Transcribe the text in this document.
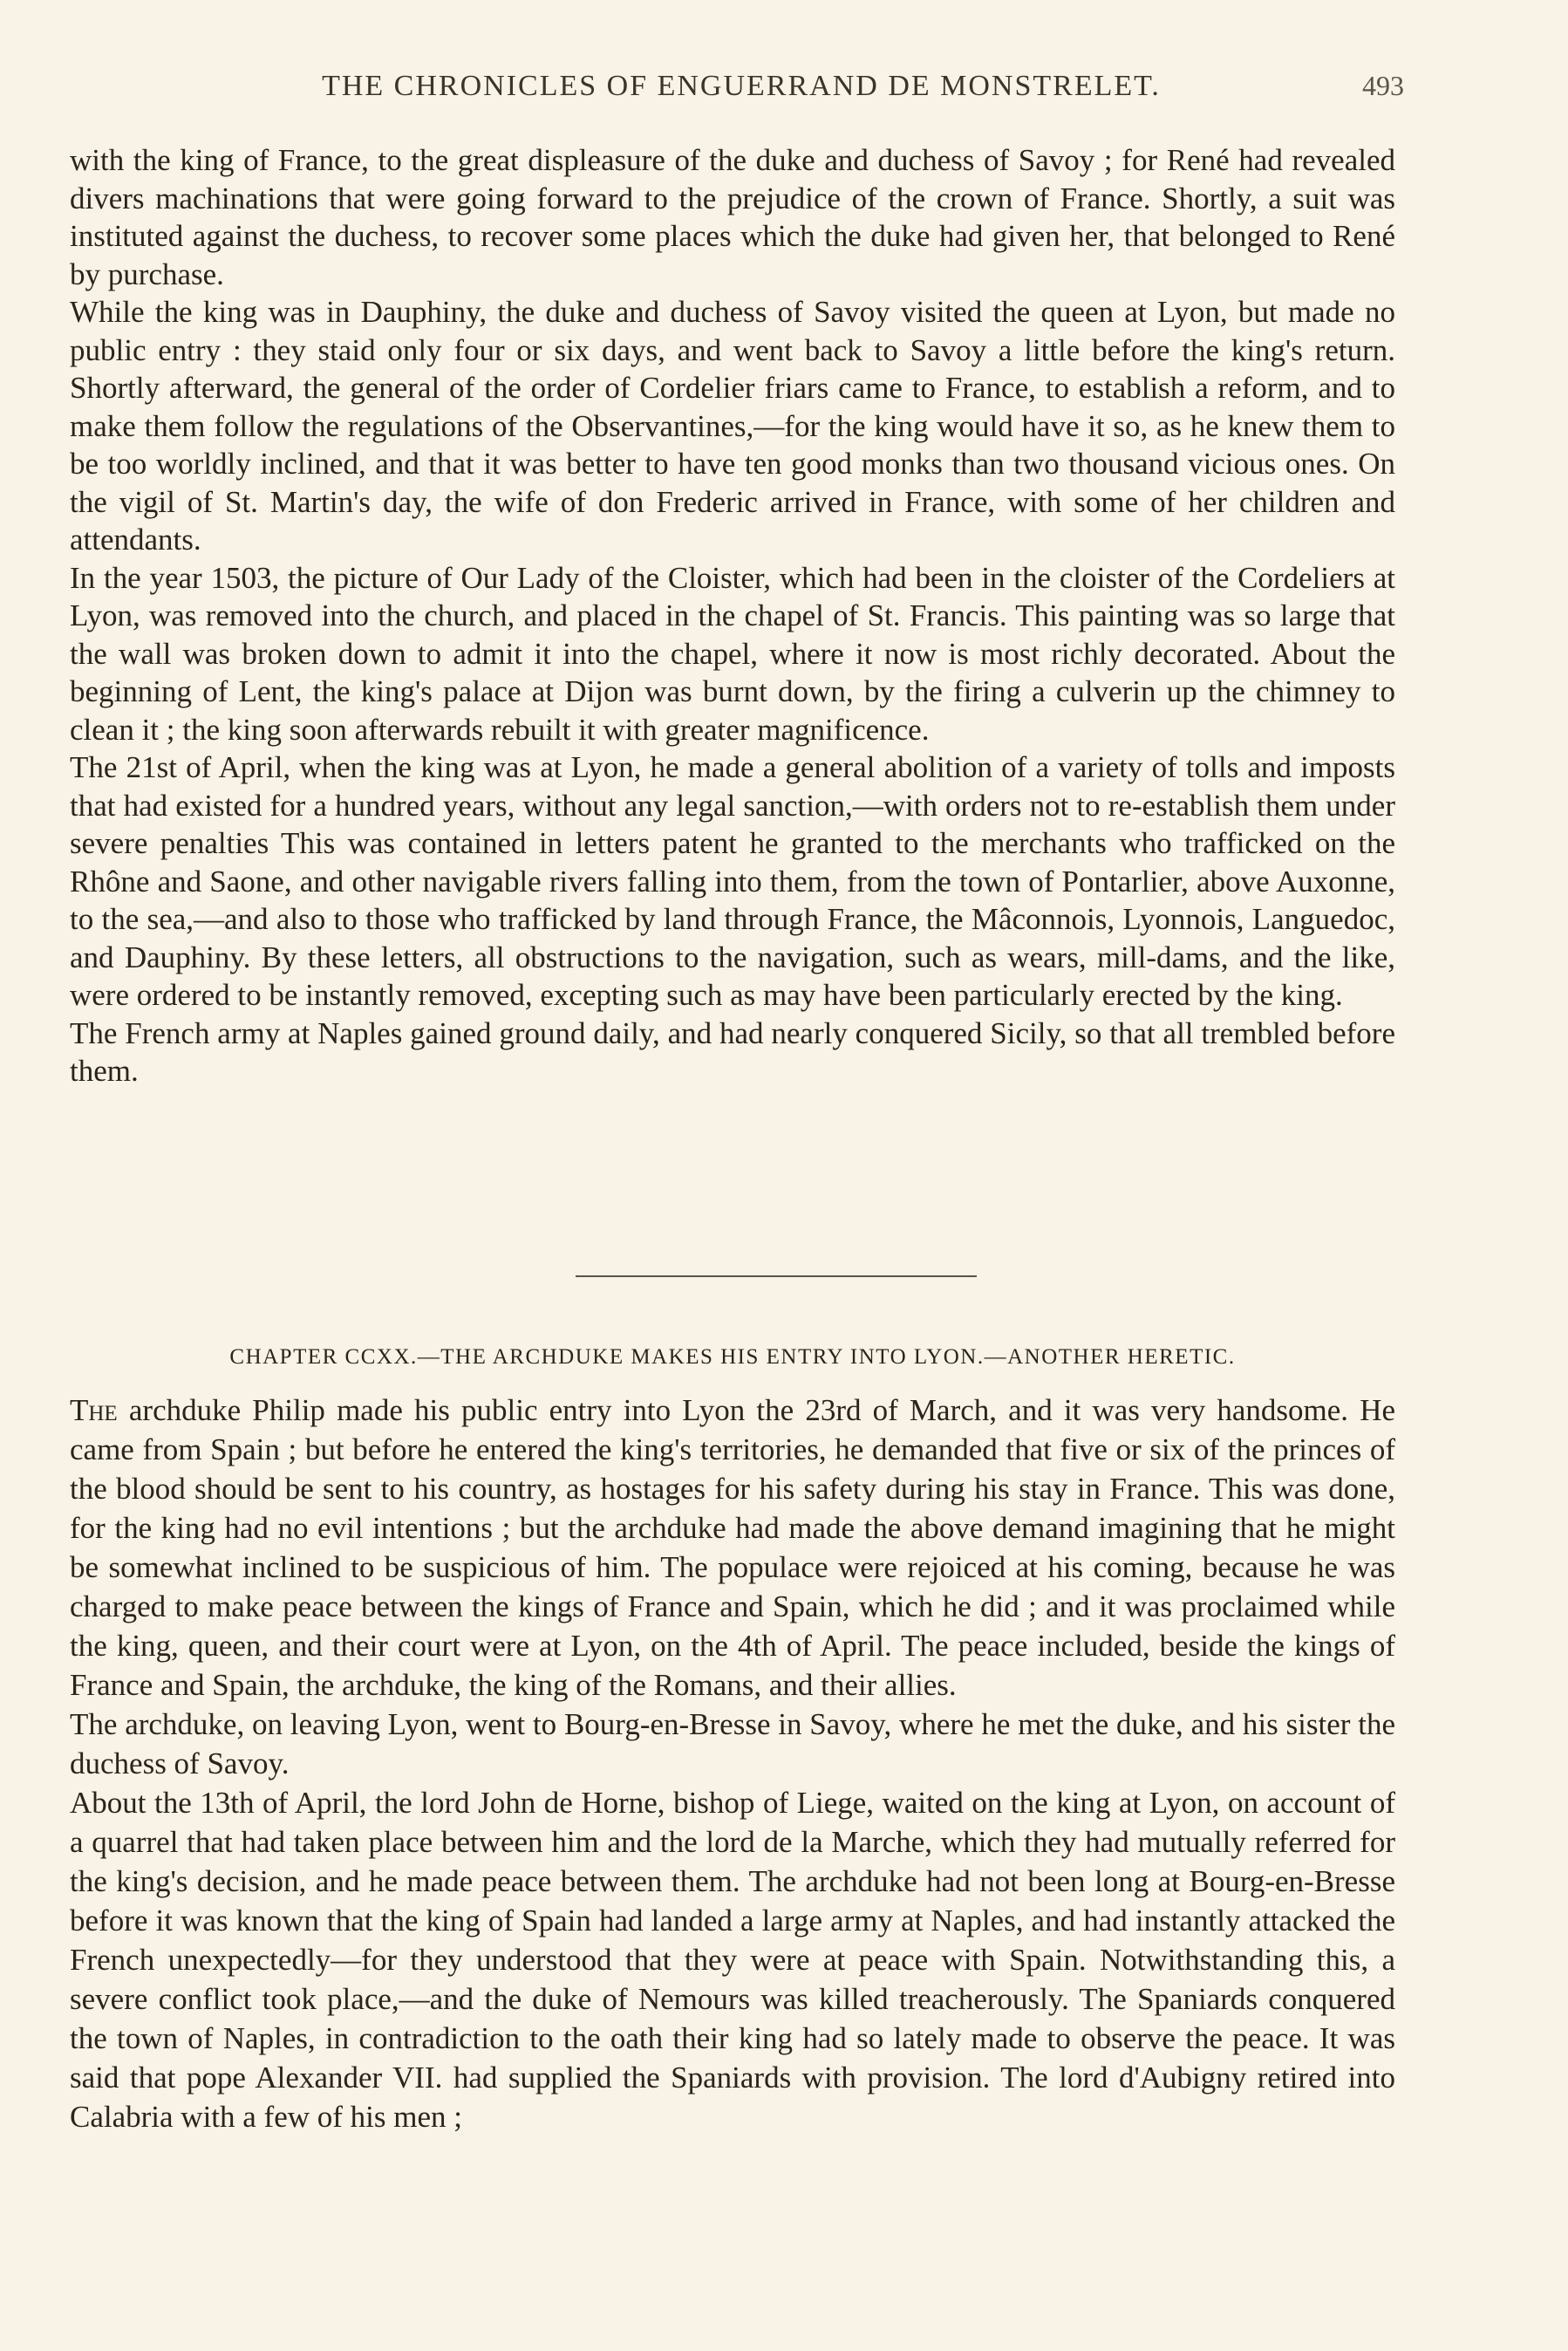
THE CHRONICLES OF ENGUERRAND DE MONSTRELET.	493

with the king of France, to the great displeasure of the duke and duchess of Savoy ; for René had revealed divers machinations that were going forward to the prejudice of the crown of France. Shortly, a suit was instituted against the duchess, to recover some places which the duke had given her, that belonged to René by purchase.

While the king was in Dauphiny, the duke and duchess of Savoy visited the queen at Lyon, but made no public entry : they staid only four or six days, and went back to Savoy a little before the king's return. Shortly afterward, the general of the order of Cordelier friars came to France, to establish a reform, and to make them follow the regulations of the Observantines,—for the king would have it so, as he knew them to be too worldly inclined, and that it was better to have ten good monks than two thousand vicious ones. On the vigil of St. Martin's day, the wife of don Frederic arrived in France, with some of her children and attendants.

In the year 1503, the picture of Our Lady of the Cloister, which had been in the cloister of the Cordeliers at Lyon, was removed into the church, and placed in the chapel of St. Francis. This painting was so large that the wall was broken down to admit it into the chapel, where it now is most richly decorated. About the beginning of Lent, the king's palace at Dijon was burnt down, by the firing a culverin up the chimney to clean it ; the king soon afterwards rebuilt it with greater magnificence.

The 21st of April, when the king was at Lyon, he made a general abolition of a variety of tolls and imposts that had existed for a hundred years, without any legal sanction,—with orders not to re-establish them under severe penalties This was contained in letters patent he granted to the merchants who trafficked on the Rhône and Saone, and other navigable rivers falling into them, from the town of Pontarlier, above Auxonne, to the sea,—and also to those who trafficked by land through France, the Mâconnois, Lyonnois, Languedoc, and Dauphiny. By these letters, all obstructions to the navigation, such as wears, mill-dams, and the like, were ordered to be instantly removed, excepting such as may have been particularly erected by the king.

The French army at Naples gained ground daily, and had nearly conquered Sicily, so that all trembled before them.

CHAPTER CCXX.—THE ARCHDUKE MAKES HIS ENTRY INTO LYON.—ANOTHER HERETIC.

The archduke Philip made his public entry into Lyon the 23rd of March, and it was very handsome. He came from Spain ; but before he entered the king's territories, he demanded that five or six of the princes of the blood should be sent to his country, as hostages for his safety during his stay in France. This was done, for the king had no evil intentions ; but the archduke had made the above demand imagining that he might be somewhat inclined to be suspicious of him. The populace were rejoiced at his coming, because he was charged to make peace between the kings of France and Spain, which he did ; and it was proclaimed while the king, queen, and their court were at Lyon, on the 4th of April. The peace included, beside the kings of France and Spain, the archduke, the king of the Romans, and their allies.

The archduke, on leaving Lyon, went to Bourg-en-Bresse in Savoy, where he met the duke, and his sister the duchess of Savoy.

About the 13th of April, the lord John de Horne, bishop of Liege, waited on the king at Lyon, on account of a quarrel that had taken place between him and the lord de la Marche, which they had mutually referred for the king's decision, and he made peace between them. The archduke had not been long at Bourg-en-Bresse before it was known that the king of Spain had landed a large army at Naples, and had instantly attacked the French unexpectedly—for they understood that they were at peace with Spain. Notwithstanding this, a severe conflict took place,—and the duke of Nemours was killed treacherously. The Spaniards conquered the town of Naples, in contradiction to the oath their king had so lately made to observe the peace. It was said that pope Alexander VII. had supplied the Spaniards with provision. The lord d'Aubigny retired into Calabria with a few of his men ;
